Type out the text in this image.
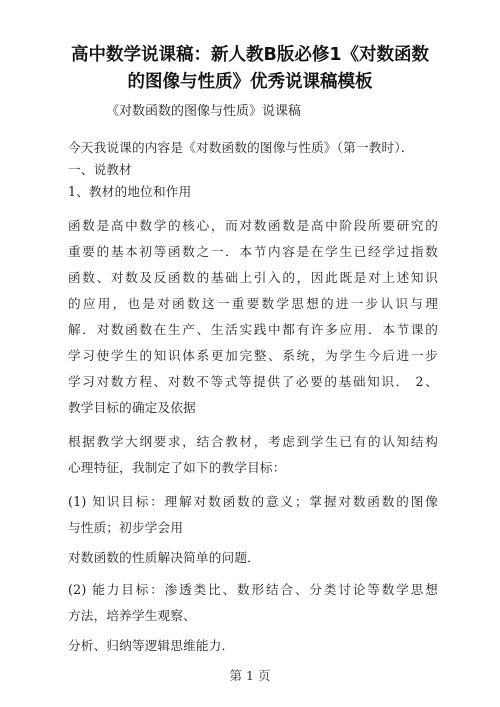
高中数学说课稿：新人教B版必修1《对数函数
的图像与性质》优秀说课稿模板
《对数函数的图像与性质》说课稿
今天我说课的内容是《对数函数的图像与性质》（第一教时）．
一、说教材
1、教材的地位和作用
函数是高中数学的核心，而对数函数是高中阶段所要研究的
重要的基本初等函数之一．本节内容是在学生已经学过指数
函数、对数及反函数的基础上引入的，因此既是对上述知识
的应用，也是对函数这一重要数学思想的进一步认识与理
解．对数函数在生产、生活实践中都有许多应用．本节课的
学习使学生的知识体系更加完整、系统，为学生今后进一步
学习对数方程、对数不等式等提供了必要的基础知识． 2、
教学目标的确定及依据
根据教学大纲要求，结合教材，考虑到学生已有的认知结构
心理特征，我制定了如下的教学目标：
(1) 知识目标：理解对数函数的意义；掌握对数函数的图像
与性质；初步学会用
对数函数的性质解决简单的问题．
(2) 能力目标：渗透类比、数形结合、分类讨论等数学思想
方法，培养学生观察、
分析、归纳等逻辑思维能力．
第 1 页
